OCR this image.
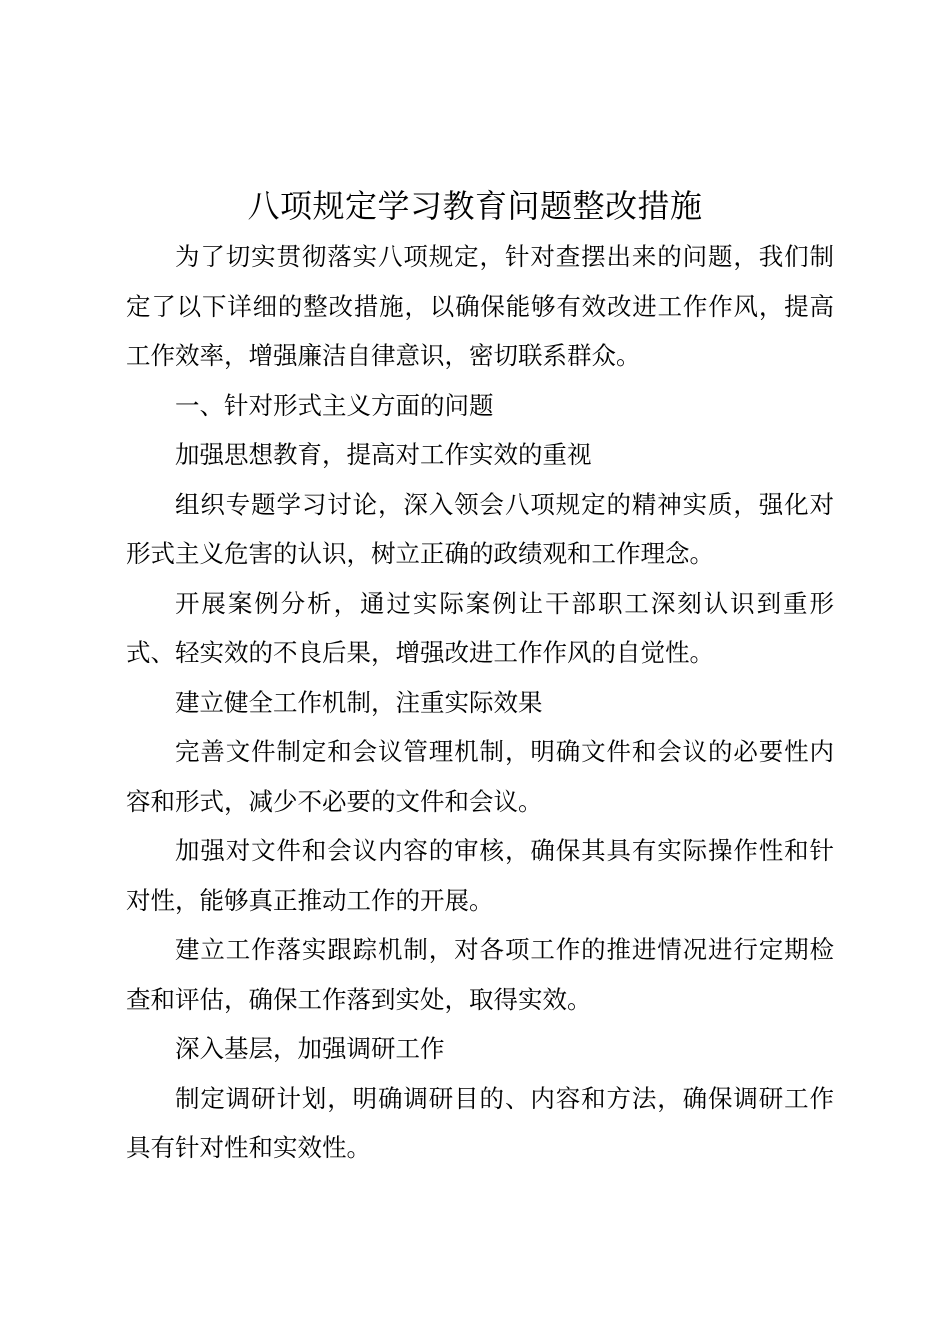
八项规定学习教育问题整改措施

为了切实贯彻落实八项规定，针对查摆出来的问题，我们制定了以下详细的整改措施，以确保能够有效改进工作作风，提高工作效率，增强廉洁自律意识，密切联系群众。

一、针对形式主义方面的问题

加强思想教育，提高对工作实效的重视

组织专题学习讨论，深入领会八项规定的精神实质，强化对形式主义危害的认识，树立正确的政绩观和工作理念。

开展案例分析，通过实际案例让干部职工深刻认识到重形式、轻实效的不良后果，增强改进工作作风的自觉性。

建立健全工作机制，注重实际效果

完善文件制定和会议管理机制，明确文件和会议的必要性内容和形式，减少不必要的文件和会议。

加强对文件和会议内容的审核，确保其具有实际操作性和针对性，能够真正推动工作的开展。

建立工作落实跟踪机制，对各项工作的推进情况进行定期检查和评估，确保工作落到实处，取得实效。

深入基层，加强调研工作

制定调研计划，明确调研目的、内容和方法，确保调研工作具有针对性和实效性。
